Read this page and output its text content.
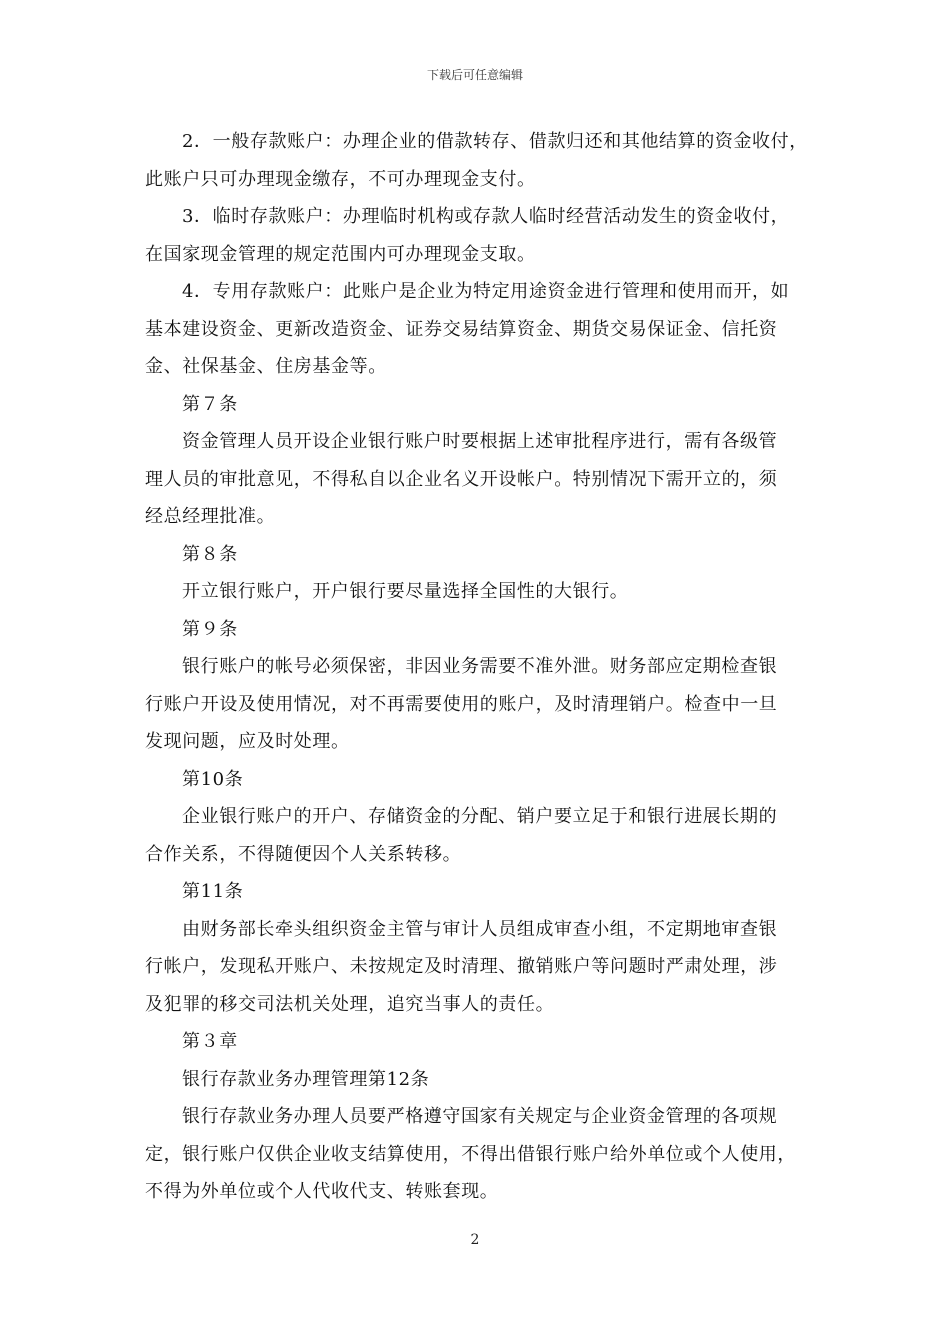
下载后可任意编辑
2．一般存款账户：办理企业的借款转存、借款归还和其他结算的资金收付，
此账户只可办理现金缴存，不可办理现金支付。
3．临时存款账户：办理临时机构或存款人临时经营活动发生的资金收付，
在国家现金管理的规定范围内可办理现金支取。
4．专用存款账户：此账户是企业为特定用途资金进行管理和使用而开，如
基本建设资金、更新改造资金、证券交易结算资金、期货交易保证金、信托资
金、社保基金、住房基金等。
第７条
资金管理人员开设企业银行账户时要根据上述审批程序进行，需有各级管
理人员的审批意见，不得私自以企业名义开设帐户。特别情况下需开立的，须
经总经理批准。
第８条
开立银行账户，开户银行要尽量选择全国性的大银行。
第９条
银行账户的帐号必须保密，非因业务需要不准外泄。财务部应定期检查银
行账户开设及使用情况，对不再需要使用的账户，及时清理销户。检查中一旦
发现问题，应及时处理。
第10条
企业银行账户的开户、存储资金的分配、销户要立足于和银行进展长期的
合作关系，不得随便因个人关系转移。
第11条
由财务部长牵头组织资金主管与审计人员组成审查小组，不定期地审查银
行帐户，发现私开账户、未按规定及时清理、撤销账户等问题时严肃处理，涉
及犯罪的移交司法机关处理，追究当事人的责任。
第３章
银行存款业务办理管理第12条
银行存款业务办理人员要严格遵守国家有关规定与企业资金管理的各项规
定，银行账户仅供企业收支结算使用，不得出借银行账户给外单位或个人使用，
不得为外单位或个人代收代支、转账套现。
2
